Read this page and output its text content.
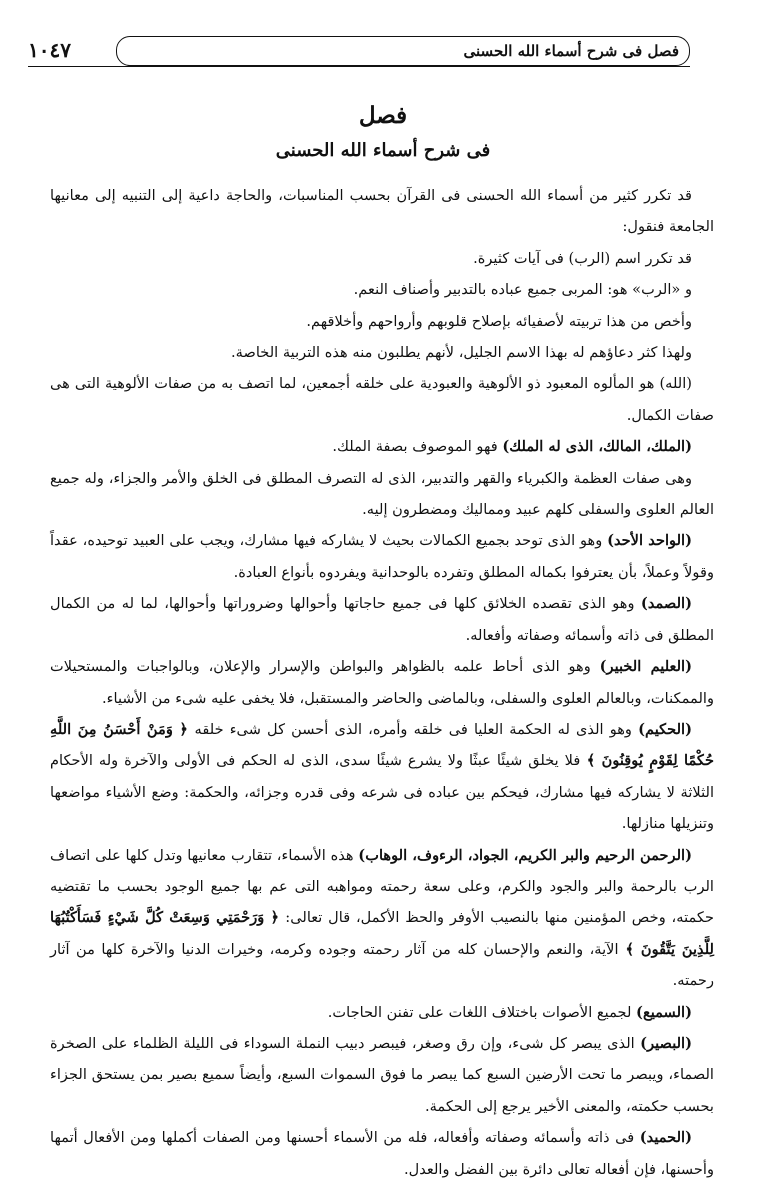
فصل فى شرح أسماء الله الحسنى
١٠٤٧
فصل
فى شرح أسماء الله الحسنى

قد تكرر كثير من أسماء الله الحسنى فى القرآن بحسب المناسبات، والحاجة داعية إلى التنبيه إلى معانيها الجامعة فنقول:

قد تكرر اسم (الرب) فى آيات كثيرة.

و «الرب» هو: المربى جميع عباده بالتدبير وأصناف النعم.

وأخص من هذا تربيته لأصفيائه بإصلاح قلوبهم وأرواحهم وأخلاقهم.

ولهذا كثر دعاؤهم له بهذا الاسم الجليل، لأنهم يطلبون منه هذه التربية الخاصة.

(الله) هو المألوه المعبود ذو الألوهية والعبودية على خلقه أجمعين، لما اتصف به من صفات الألوهية التى هى صفات الكمال.

(الملك، المالك، الذى له الملك) فهو الموصوف بصفة الملك.

وهى صفات العظمة والكبرياء والقهر والتدبير، الذى له التصرف المطلق فى الخلق والأمر والجزاء، وله جميع العالم العلوى والسفلى كلهم عبيد ومماليك ومضطرون إليه.

(الواحد الأحد) وهو الذى توحد بجميع الكمالات بحيث لا يشاركه فيها مشارك، ويجب على العبيد توحيده، عقداً وقولاً وعملاً، بأن يعترفوا بكماله المطلق وتفرده بالوحدانية ويفردوه بأنواع العبادة.

(الصمد) وهو الذى تقصده الخلائق كلها فى جميع حاجاتها وأحوالها وضروراتها وأحوالها، لما له من الكمال المطلق فى ذاته وأسمائه وصفاته وأفعاله.

(العليم الخبير) وهو الذى أحاط علمه بالظواهر والبواطن والإسرار والإعلان، وبالواجبات والمستحيلات والممكنات، وبالعالم العلوى والسفلى، وبالماضى والحاضر والمستقبل، فلا يخفى عليه شىء من الأشياء.

(الحكيم) وهو الذى له الحكمة العليا فى خلقه وأمره، الذى أحسن كل شىء خلقه ﴿ وَمَنْ أَحْسَنُ مِنَ اللَّهِ حُكْمًا لِقَوْمٍ يُوقِنُونَ ﴾ فلا يخلق شيئًا عبثًا ولا يشرع شيئًا سدى، الذى له الحكم فى الأولى والآخرة وله الأحكام الثلاثة لا يشاركه فيها مشارك، فيحكم بين عباده فى شرعه وفى قدره وجزائه، والحكمة: وضع الأشياء مواضعها وتنزيلها منازلها.

(الرحمن الرحيم والبر الكريم، الجواد، الرءوف، الوهاب) هذه الأسماء، تتقارب معانيها وتدل كلها على اتصاف الرب بالرحمة والبر والجود والكرم، وعلى سعة رحمته ومواهبه التى عم بها جميع الوجود بحسب ما تقتضيه حكمته، وخص المؤمنين منها بالنصيب الأوفر والحظ الأكمل، قال تعالى: ﴿ وَرَحْمَتِي وَسِعَتْ كُلَّ شَيْءٍ فَسَأَكْتُبُهَا لِلَّذِينَ يَتَّقُونَ ﴾ الآية، والنعم والإحسان كله من آثار رحمته وجوده وكرمه، وخيرات الدنيا والآخرة كلها من آثار رحمته.

(السميع) لجميع الأصوات باختلاف اللغات على تفنن الحاجات.

(البصير) الذى يبصر كل شىء، وإن رق وصغر، فيبصر دبيب النملة السوداء فى الليلة الظلماء على الصخرة الصماء، ويبصر ما تحت الأرضين السبع كما يبصر ما فوق السموات السبع، وأيضاً سميع بصير بمن يستحق الجزاء بحسب حكمته، والمعنى الأخير يرجع إلى الحكمة.

(الحميد) فى ذاته وأسمائه وصفاته وأفعاله، فله من الأسماء أحسنها ومن الصفات أكملها ومن الأفعال أتمها وأحسنها، فإن أفعاله تعالى دائرة بين الفضل والعدل.
